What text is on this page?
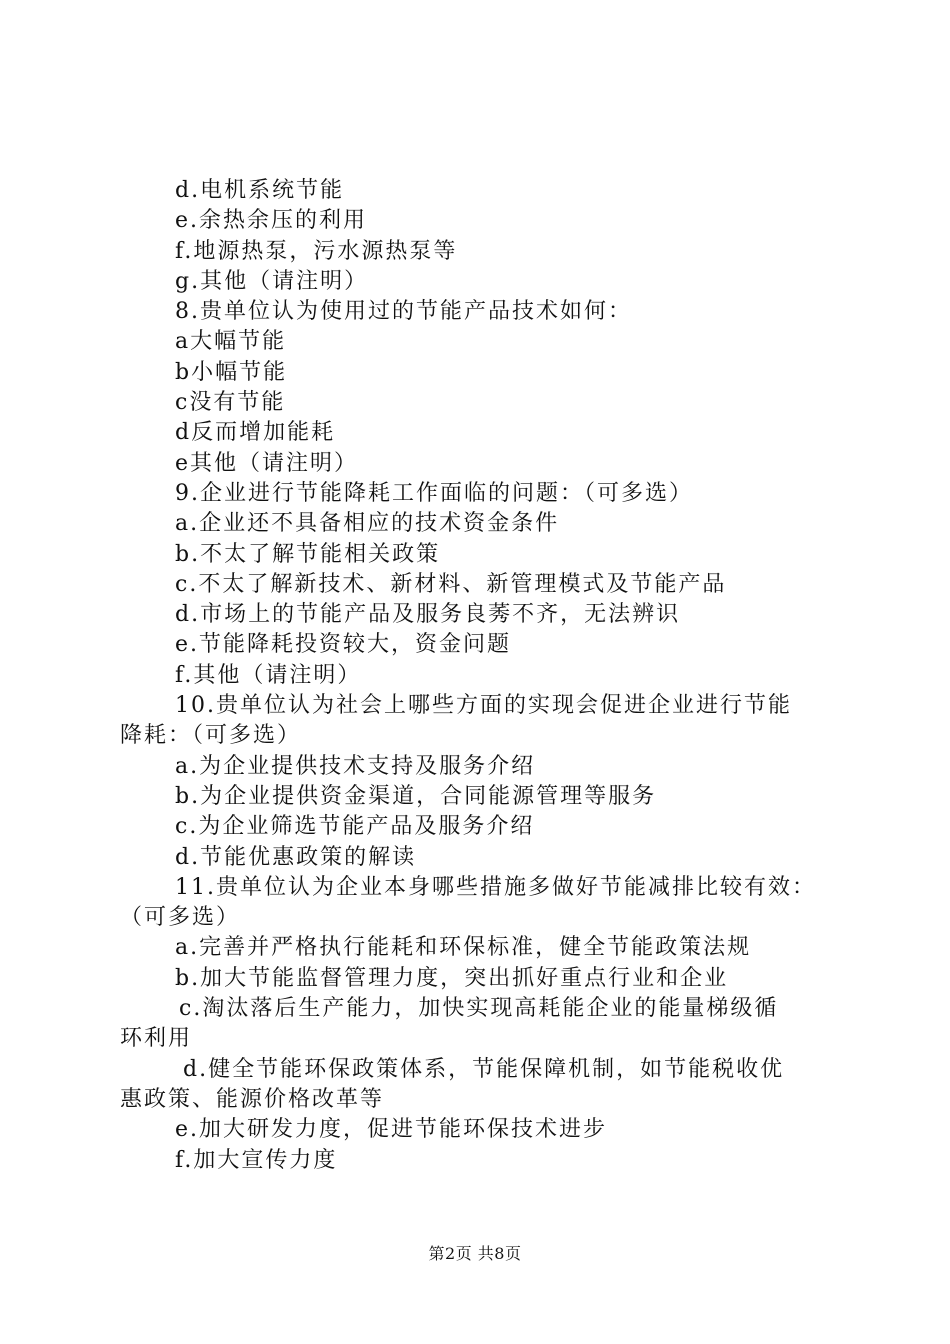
d.电机系统节能
e.余热余压的利用
f.地源热泵，污水源热泵等
g.其他（请注明）
8.贵单位认为使用过的节能产品技术如何：
a大幅节能
b小幅节能
c没有节能
d反而增加能耗
e其他（请注明）
9.企业进行节能降耗工作面临的问题：（可多选）
a.企业还不具备相应的技术资金条件
b.不太了解节能相关政策
c.不太了解新技术、新材料、新管理模式及节能产品
d.市场上的节能产品及服务良莠不齐，无法辨识
e.节能降耗投资较大，资金问题
f.其他（请注明）
10.贵单位认为社会上哪些方面的实现会促进企业进行节能
降耗：（可多选）
a.为企业提供技术支持及服务介绍
b.为企业提供资金渠道，合同能源管理等服务
c.为企业筛选节能产品及服务介绍
d.节能优惠政策的解读
11.贵单位认为企业本身哪些措施多做好节能减排比较有效：
（可多选）
a.完善并严格执行能耗和环保标准，健全节能政策法规
b.加大节能监督管理力度，突出抓好重点行业和企业
c.淘汰落后生产能力，加快实现高耗能企业的能量梯级循
环利用
d.健全节能环保政策体系，节能保障机制，如节能税收优
惠政策、能源价格改革等
e.加大研发力度，促进节能环保技术进步
f.加大宣传力度
第2页 共8页
